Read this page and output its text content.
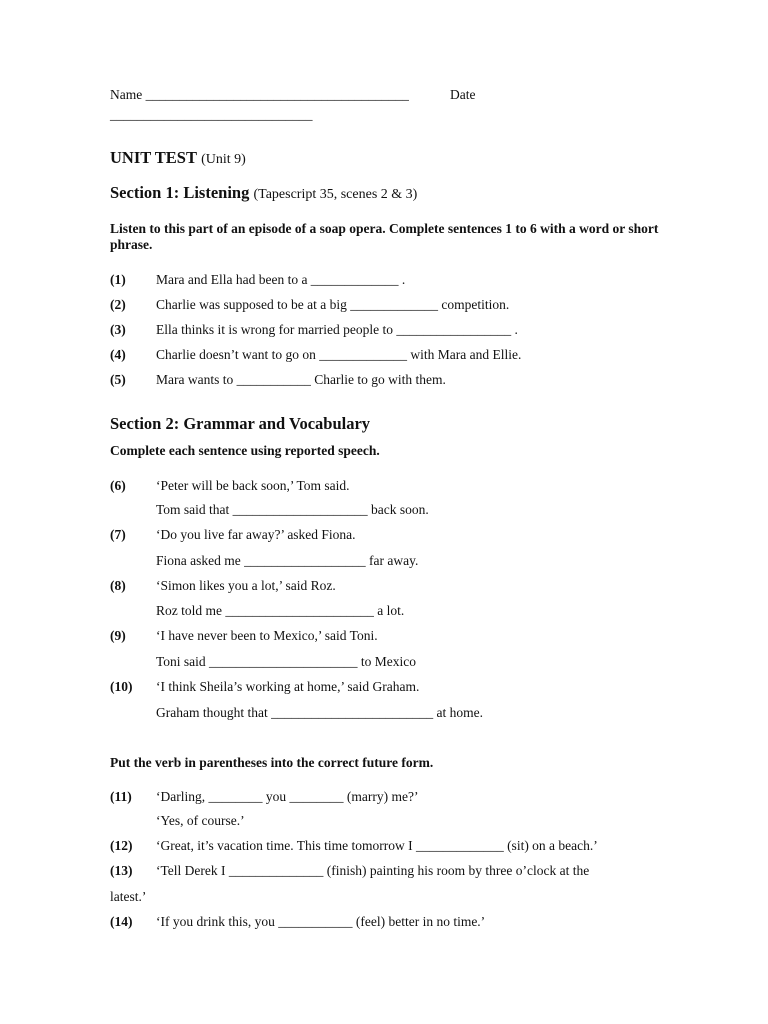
Name _______________________________________	Date
______________________________
UNIT TEST (Unit 9)
Section 1: Listening (Tapescript 35, scenes 2 & 3)
Listen to this part of an episode of a soap opera. Complete sentences 1 to 6 with a word or short phrase.
(1) Mara and Ella had been to a _____________ .
(2) Charlie was supposed to be at a big _____________ competition.
(3) Ella thinks it is wrong for married people to _________________ .
(4) Charlie doesn’t want to go on _____________ with Mara and Ellie.
(5) Mara wants to ___________ Charlie to go with them.
Section 2: Grammar and Vocabulary
Complete each sentence using reported speech.
(6) ‘Peter will be back soon,’ Tom said.
Tom said that ____________________ back soon.
(7) ‘Do you live far away?’ asked Fiona.
Fiona asked me __________________ far away.
(8) ‘Simon likes you a lot,’ said Roz.
Roz told me ______________________ a lot.
(9) ‘I have never been to Mexico,’ said Toni.
Toni said ______________________ to Mexico
(10) ‘I think Sheila’s working at home,’ said Graham.
Graham thought that ________________________ at home.
Put the verb in parentheses into the correct future form.
(11) ‘Darling, ________ you ________ (marry) me?’
‘Yes, of course.’
(12) ‘Great, it’s vacation time. This time tomorrow I _____________ (sit) on a beach.’
(13) ‘Tell Derek I ______________ (finish) painting his room by three o’clock at the
latest.’
(14) ‘If you drink this, you ___________ (feel) better in no time.’
